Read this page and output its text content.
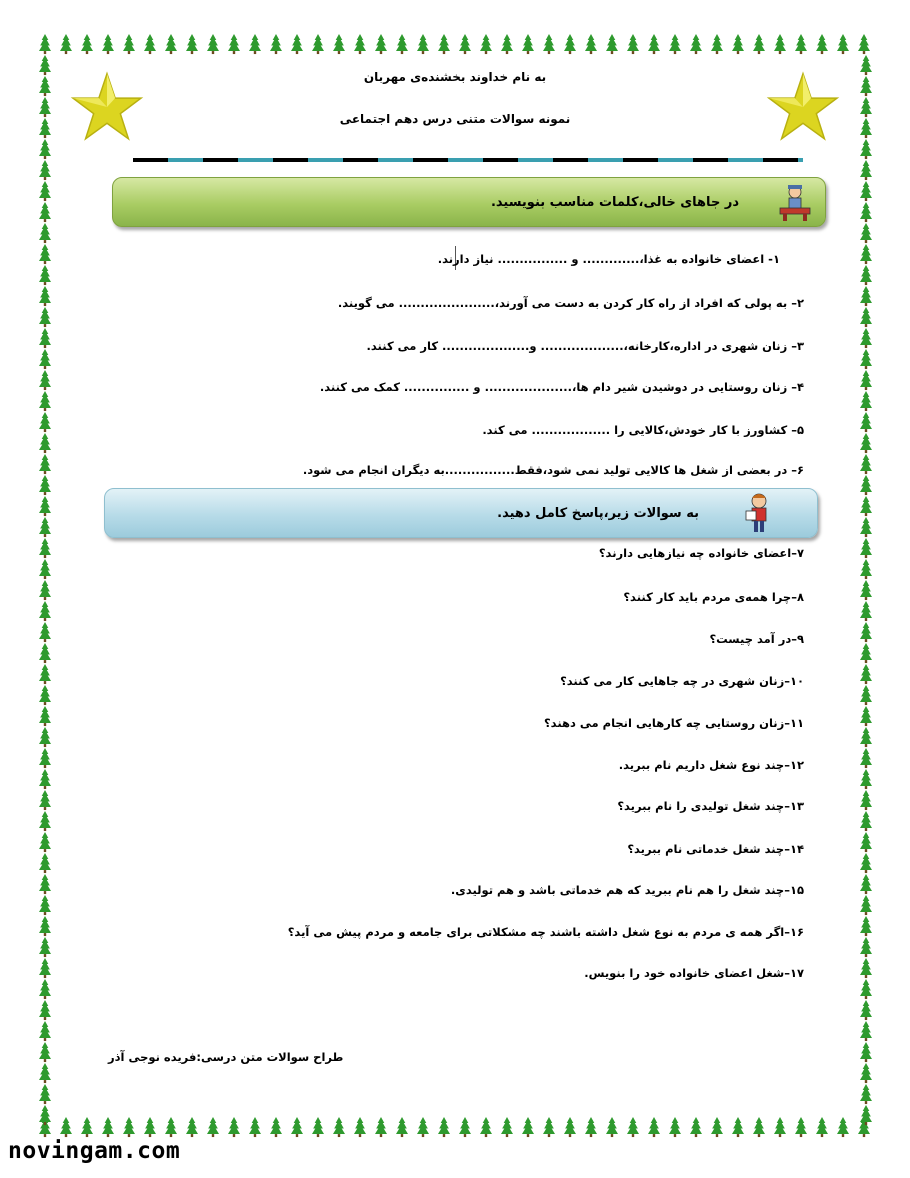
به نام خداوند بخشنده‌ی مهربان
نمونه سوالات متنی درس دهم اجتماعی
در جاهای خالی،کلمات مناسب بنویسید.
۱- اعضای خانواده به غذا،............. و ................ نیاز دارند.
۲– به پولی که افراد از راه کار کردن به دست می آورند،...................... می گویند.
۳– زنان شهری در اداره،کارخانه،................... و.................... کار می کنند.
۴– زنان روستایی در دوشیدن شیر دام ها،.................... و ............... کمک می کنند.
۵– کشاورز با کار خودش،کالایی را .................. می کند.
۶– در بعضی از شغل ها کالایی تولید نمی شود،فقط................به دیگران انجام می شود.
به سوالات زیر،پاسخ کامل دهید.
۷–اعضای خانواده چه نیازهایی دارند؟
۸–چرا همه‌ی مردم باید کار کنند؟
۹–در آمد چیست؟
۱۰–زنان شهری در چه جاهایی کار می کنند؟
۱۱–زنان روستایی چه کارهایی انجام می دهند؟
۱۲–چند نوع شغل داریم نام ببرید.
۱۳–چند شغل تولیدی را نام ببرید؟
۱۴–چند شغل خدماتی نام ببرید؟
۱۵–چند شغل را هم نام ببرید که هم خدماتی باشد و هم تولیدی.
۱۶–اگر همه ی مردم به نوع شغل داشته باشند چه مشکلاتی برای جامعه و مردم پیش می آید؟
۱۷–شغل اعضای خانواده خود را بنویس.
طراح سوالات متن درسی:فریده نوجی آذر
novingam.com
